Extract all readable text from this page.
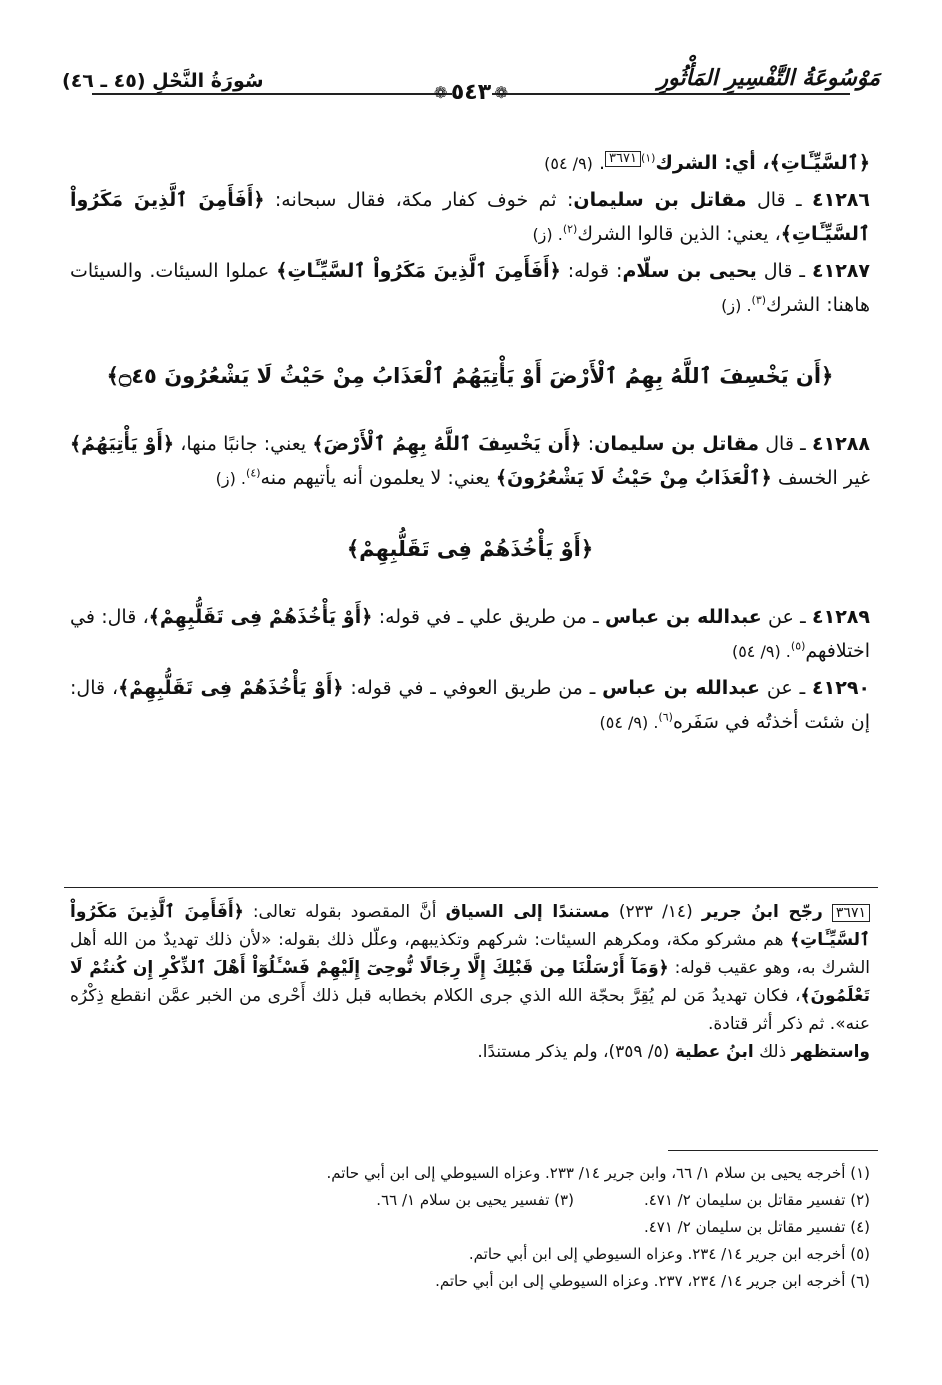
مَوْسُوعَةُ التَّفْسِيرِ المَأْثُورِ
سُورَةُ النَّحْلِ (٤٥ ـ ٤٦)
❁	❁
٥٤٣

﴿ٱلسَّيِّـَٔاتِ﴾، أي: الشرك$^{(١)}$٣٦٧١. (٩/ ٥٤)

٤١٢٨٦ ـ قال مقاتل بن سليمان: ثم خوف كفار مكة، فقال سبحانه: ﴿أَفَأَمِنَ ٱلَّذِينَ مَكَرُواْ ٱلسَّيِّـَٔاتِ﴾، يعني: الذين قالوا الشرك$^{(٢)}$. (ز)

٤١٢٨٧ ـ قال يحيى بن سلّام: قوله: ﴿أَفَأَمِنَ ٱلَّذِينَ مَكَرُواْ ٱلسَّيِّـَٔاتِ﴾ عملوا السيئات. والسيئات هاهنا: الشرك$^{(٣)}$. (ز)

﴿أَن يَخْسِفَ ٱللَّهُ بِهِمُ ٱلْأَرْضَ أَوْ يَأْتِيَهُمُ ٱلْعَذَابُ مِنْ حَيْثُ لَا يَشْعُرُونَ ۝٤٥﴾

٤١٢٨٨ ـ قال مقاتل بن سليمان: ﴿أَن يَخْسِفَ ٱللَّهُ بِهِمُ ٱلْأَرْضَ﴾ يعني: جانبًا منها، ﴿أَوْ يَأْتِيَهُمُ﴾ غير الخسف ﴿ٱلْعَذَابُ مِنْ حَيْثُ لَا يَشْعُرُونَ﴾ يعني: لا يعلمون أنه يأتيهم منه$^{(٤)}$. (ز)

﴿أَوْ يَأْخُذَهُمْ فِى تَقَلُّبِهِمْ﴾

٤١٢٨٩ ـ عن عبدالله بن عباس ـ من طريق علي ـ في قوله: ﴿أَوْ يَأْخُذَهُمْ فِى تَقَلُّبِهِمْ﴾، قال: في اختلافهم$^{(٥)}$. (٩/ ٥٤)

٤١٢٩٠ ـ عن عبدالله بن عباس ـ من طريق العوفي ـ في قوله: ﴿أَوْ يَأْخُذَهُمْ فِى تَقَلُّبِهِمْ﴾، قال: إن شئت أخذتُه في سَفَره$^{(٦)}$. (٩/ ٥٤)

٣٦٧١ رجّح ابنُ جرير (١٤/ ٢٣٣) مستندًا إلى السياق أنَّ المقصود بقوله تعالى: ﴿أَفَأَمِنَ ٱلَّذِينَ مَكَرُواْ ٱلسَّيِّـَٔاتِ﴾ هم مشركو مكة، ومكرهم السيئات: شركهم وتكذيبهم، وعلّل ذلك بقوله: «لأن ذلك تهديدٌ من الله أهل الشرك به، وهو عقيب قوله: ﴿وَمَآ أَرْسَلْنَا مِن قَبْلِكَ إِلَّا رِجَالًا نُّوحِىٓ إِلَيْهِمْ فَسْـَٔلُوٓاْ أَهْلَ ٱلذِّكْرِ إِن كُنتُمْ لَا تَعْلَمُونَ﴾، فكان تهديدُ مَن لم يُقِرَّ بحجّة الله الذي جرى الكلام بخطابه قبل ذلك أَحْرى من الخبر عمَّن انقطع ذِكْرُه عنه». ثم ذكر أثر قتادة.
واستظهر ذلك ابنُ عطية (٥/ ٣٥٩)، ولم يذكر مستندًا.
(١) أخرجه يحيى بن سلام ١/ ٦٦، وابن جرير ١٤/ ٢٣٣. وعزاه السيوطي إلى ابن أبي حاتم.
(٢) تفسير مقاتل بن سليمان ٢/ ٤٧١.
(٣) تفسير يحيى بن سلام ١/ ٦٦.
(٤) تفسير مقاتل بن سليمان ٢/ ٤٧١.
(٥) أخرجه ابن جرير ١٤/ ٢٣٤. وعزاه السيوطي إلى ابن أبي حاتم.
(٦) أخرجه ابن جرير ١٤/ ٢٣٤، ٢٣٧. وعزاه السيوطي إلى ابن أبي حاتم.
